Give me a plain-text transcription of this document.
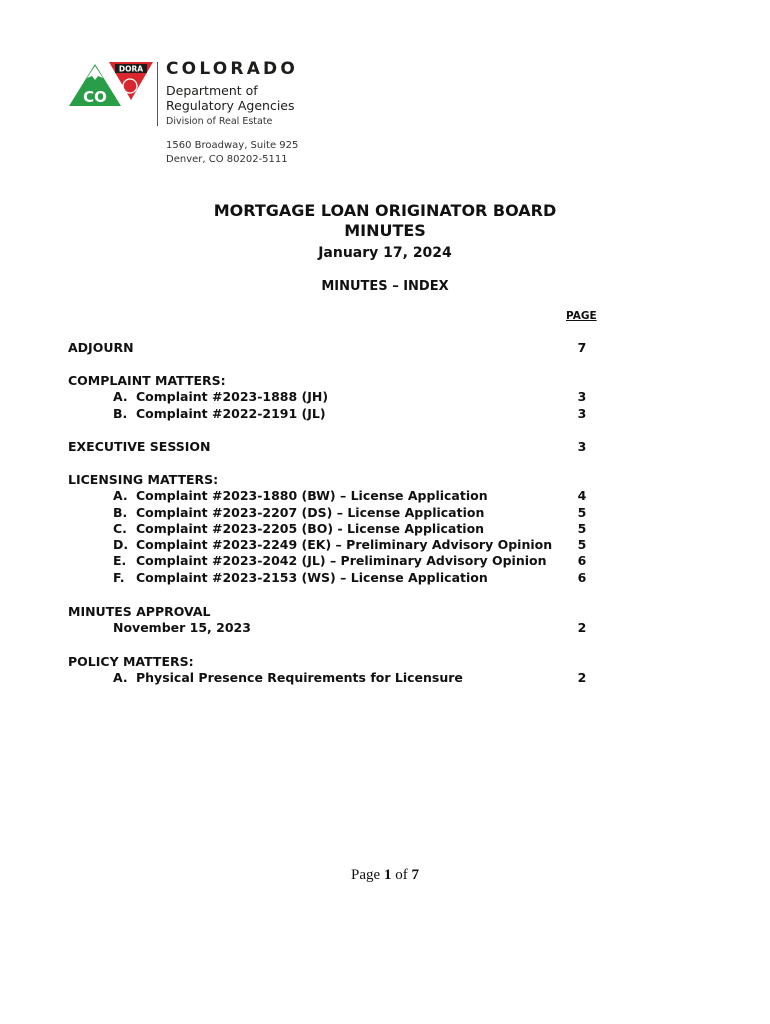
DORA
CO
COLORADO
Department of
Regulatory Agencies
Division of Real Estate
1560 Broadway, Suite 925
Denver, CO 80202-5111
MORTGAGE LOAN ORIGINATOR BOARD
MINUTES
January 17, 2024
MINUTES – INDEX
PAGE
ADJOURN	7
COMPLAINT MATTERS:
A. Complaint #2023-1888 (JH)	3
B. Complaint #2022-2191 (JL)	3
EXECUTIVE SESSION	3
LICENSING MATTERS:
A. Complaint #2023-1880 (BW) – License Application	4
B. Complaint #2023-2207 (DS) – License Application	5
C. Complaint #2023-2205 (BO) - License Application	5
D. Complaint #2023-2249 (EK) – Preliminary Advisory Opinion 5
E. Complaint #2023-2042 (JL) – Preliminary Advisory Opinion 6
F. Complaint #2023-2153 (WS) – License Application	6
MINUTES APPROVAL
November 15, 2023	2
POLICY MATTERS:
A. Physical Presence Requirements for Licensure	2
Page 1 of 7
